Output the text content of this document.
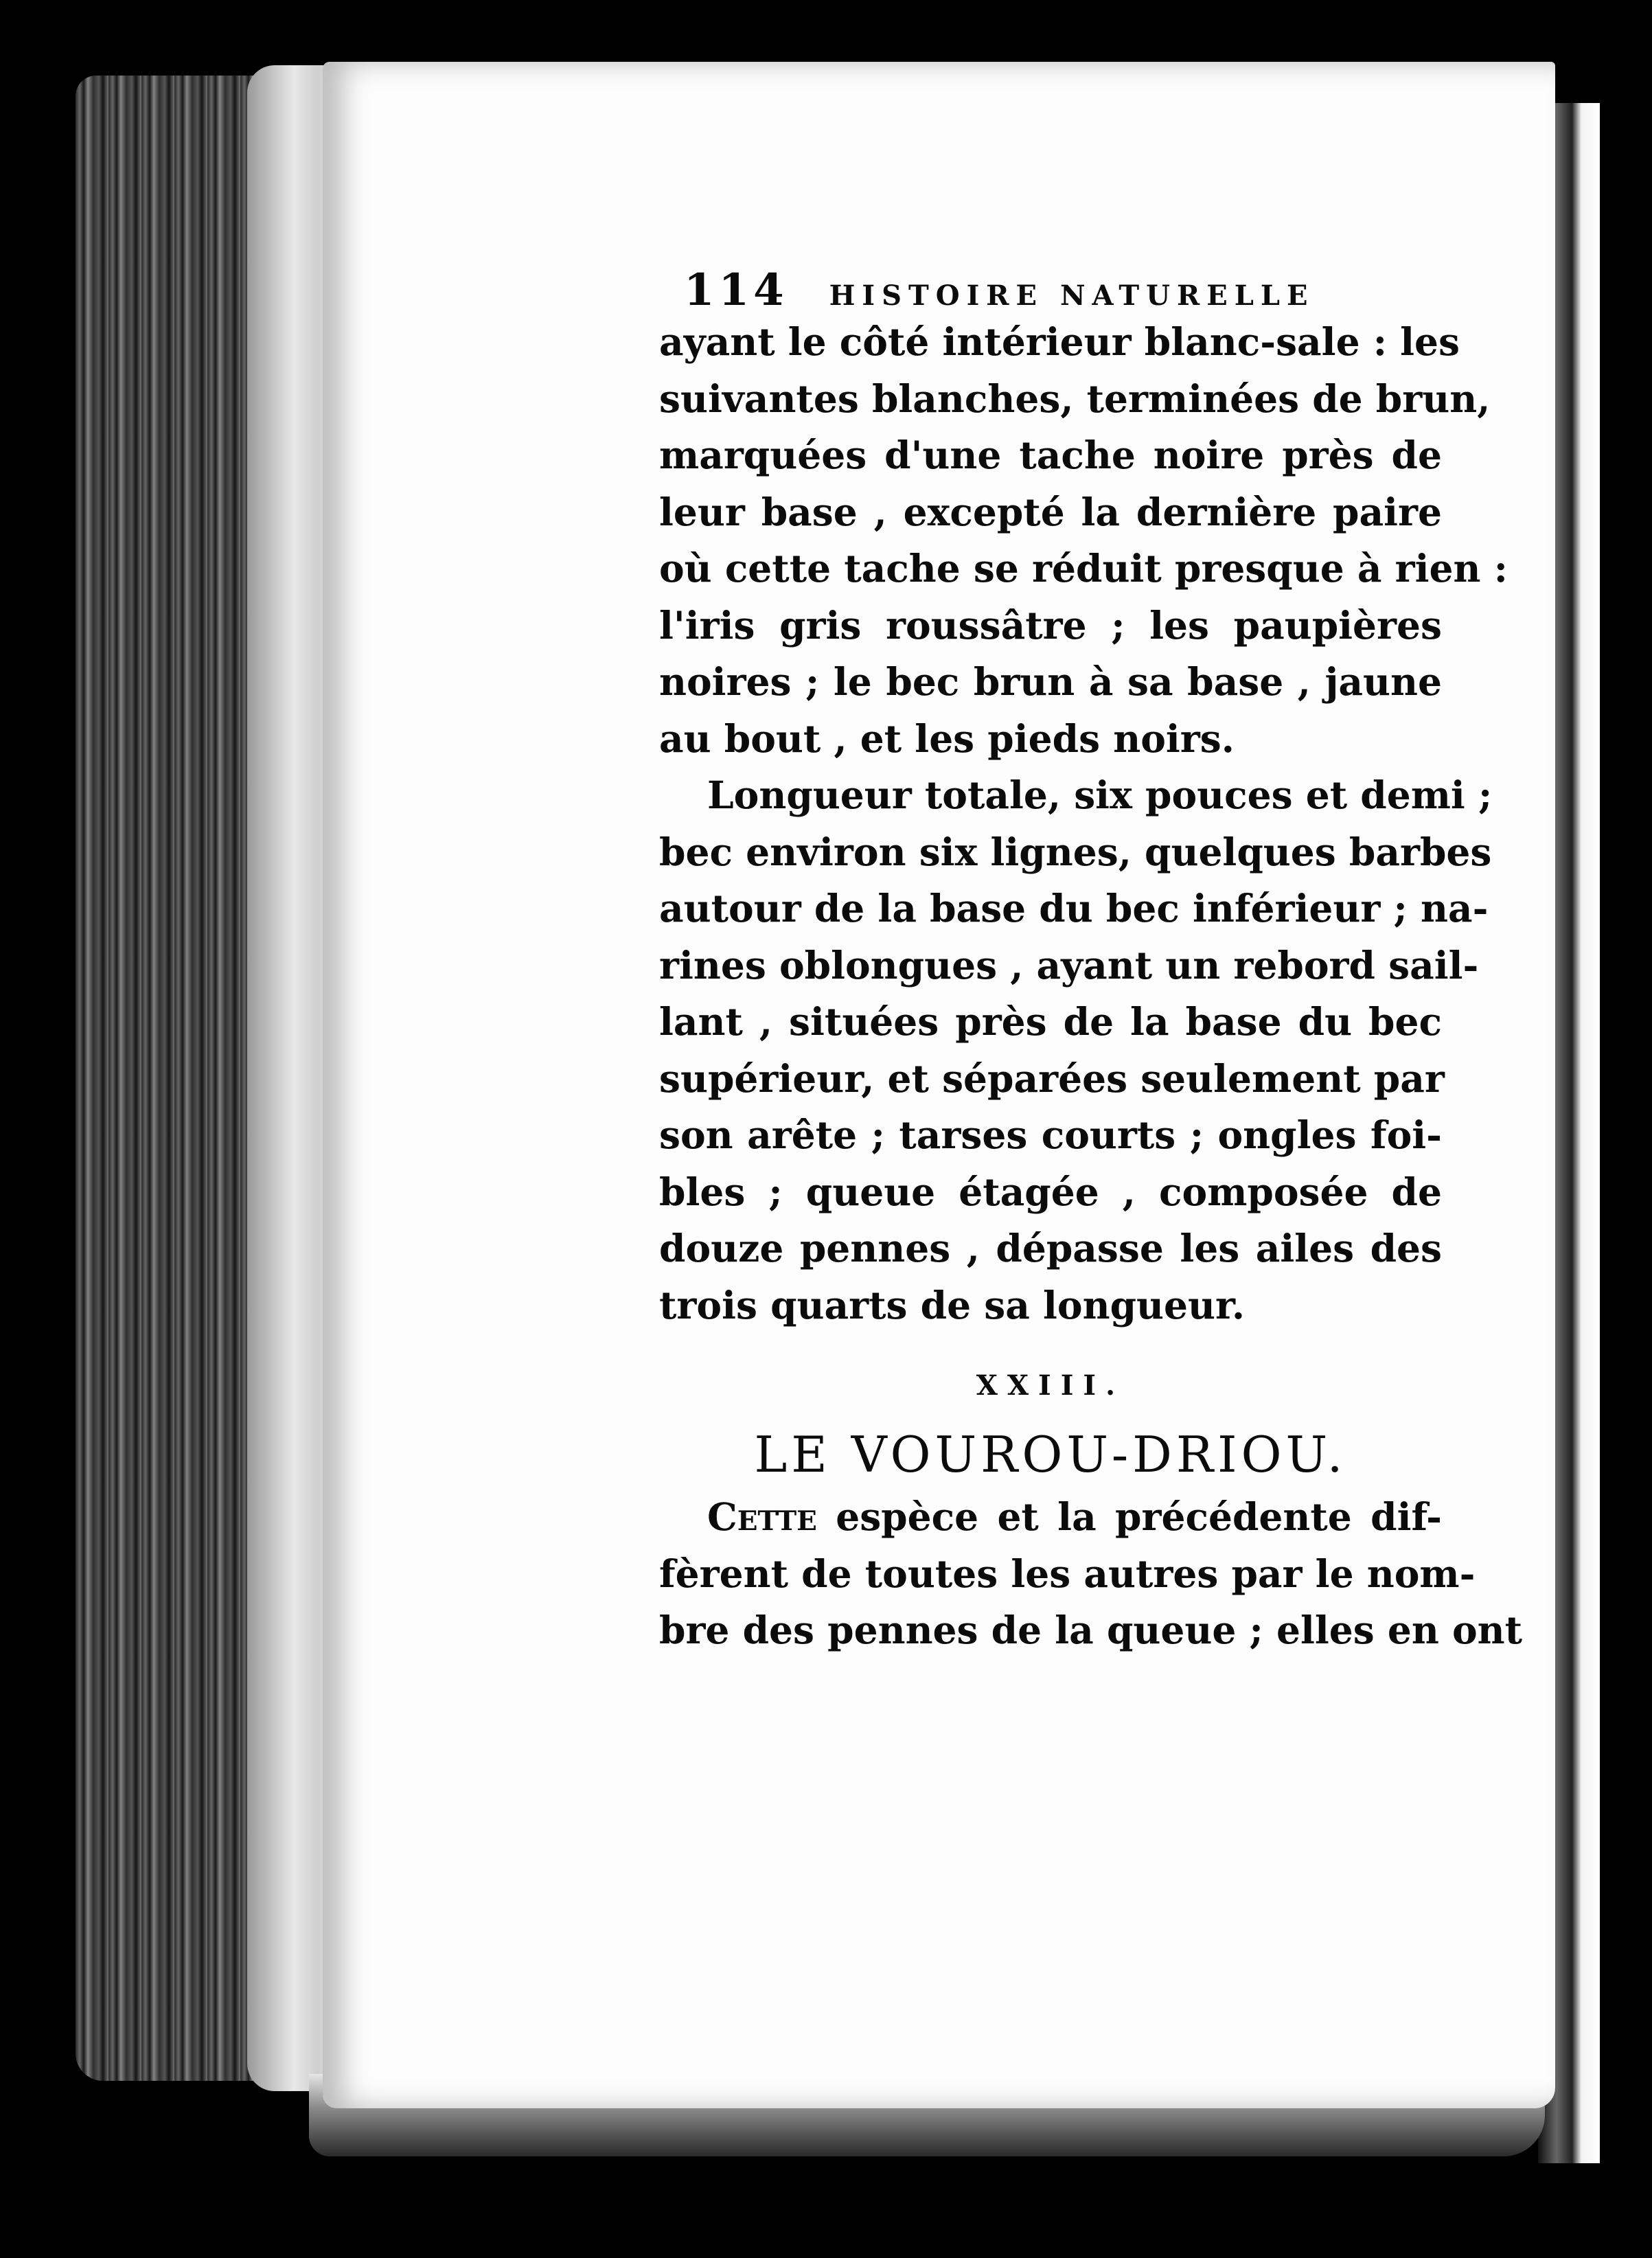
114 HISTOIRE NATURELLE
ayant le côté intérieur blanc-sale : les
suivantes blanches, terminées de brun,
marquées d'une tache noire près de
leur base , excepté la dernière paire
où cette tache se réduit presque à rien :
l'iris gris roussâtre ; les paupières
noires ; le bec brun à sa base , jaune
au bout , et les pieds noirs.
Longueur totale, six pouces et demi ;
bec environ six lignes, quelques barbes
autour de la base du bec inférieur ; na-
rines oblongues , ayant un rebord sail-
lant , situées près de la base du bec
supérieur, et séparées seulement par
son arête ; tarses courts ; ongles foi-
bles ; queue étagée , composée de
douze pennes , dépasse les ailes des
trois quarts de sa longueur.
XXIII.
LE VOUROU-DRIOU.
Cette espèce et la précédente dif-
fèrent de toutes les autres par le nom-
bre des pennes de la queue ; elles en ont
